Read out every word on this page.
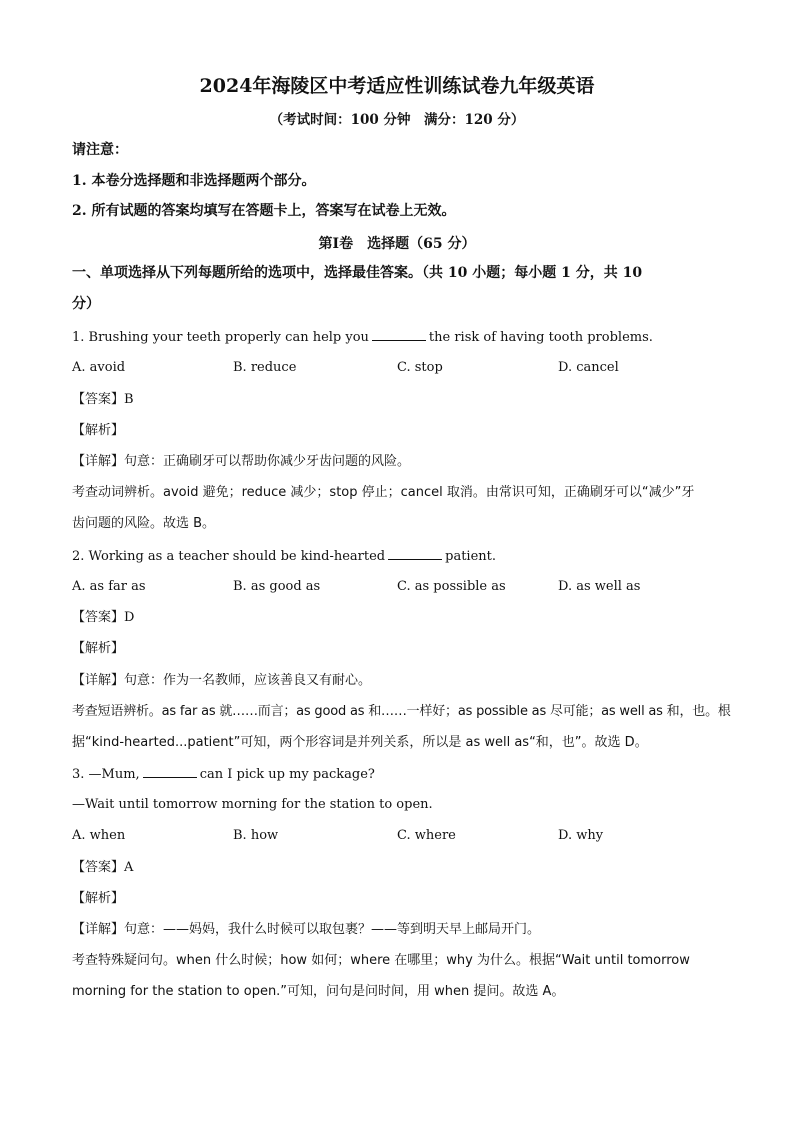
2024年海陵区中考适应性训练试卷九年级英语
（考试时间：100 分钟　满分：120 分）
请注意：
1. 本卷分选择题和非选择题两个部分。
2. 所有试题的答案均填写在答题卡上，答案写在试卷上无效。
第Ⅰ卷　选择题（65 分）
一、单项选择从下列每题所给的选项中，选择最佳答案。（共 10 小题；每小题 1 分，共 10
分）
1. Brushing your teeth properly can help you	the risk of having tooth problems.
A. avoid	B. reduce	C. stop	D. cancel
【答案】B
【解析】
【详解】句意：正确刷牙可以帮助你减少牙齿问题的风险。
考查动词辨析。avoid 避免；reduce 减少；stop 停止；cancel 取消。由常识可知，正确刷牙可以“减少”牙
齿问题的风险。故选 B。
2. Working as a teacher should be kind-hearted	patient.
A. as far as	B. as good as	C. as possible as	D. as well as
【答案】D
【解析】
【详解】句意：作为一名教师，应该善良又有耐心。
考查短语辨析。as far as 就……而言；as good as 和……一样好；as possible as 尽可能；as well as 和，也。根
据“kind-hearted...patient”可知，两个形容词是并列关系，所以是 as well as“和，也”。故选 D。
3. —Mum,	can I pick up my package?
—Wait until tomorrow morning for the station to open.
A. when	B. how	C. where	D. why
【答案】A
【解析】
【详解】句意：——妈妈，我什么时候可以取包裹？——等到明天早上邮局开门。
考查特殊疑问句。when 什么时候；how 如何；where 在哪里；why 为什么。根据“Wait until tomorrow
morning for the station to open.”可知，问句是问时间，用 when 提问。故选 A。
